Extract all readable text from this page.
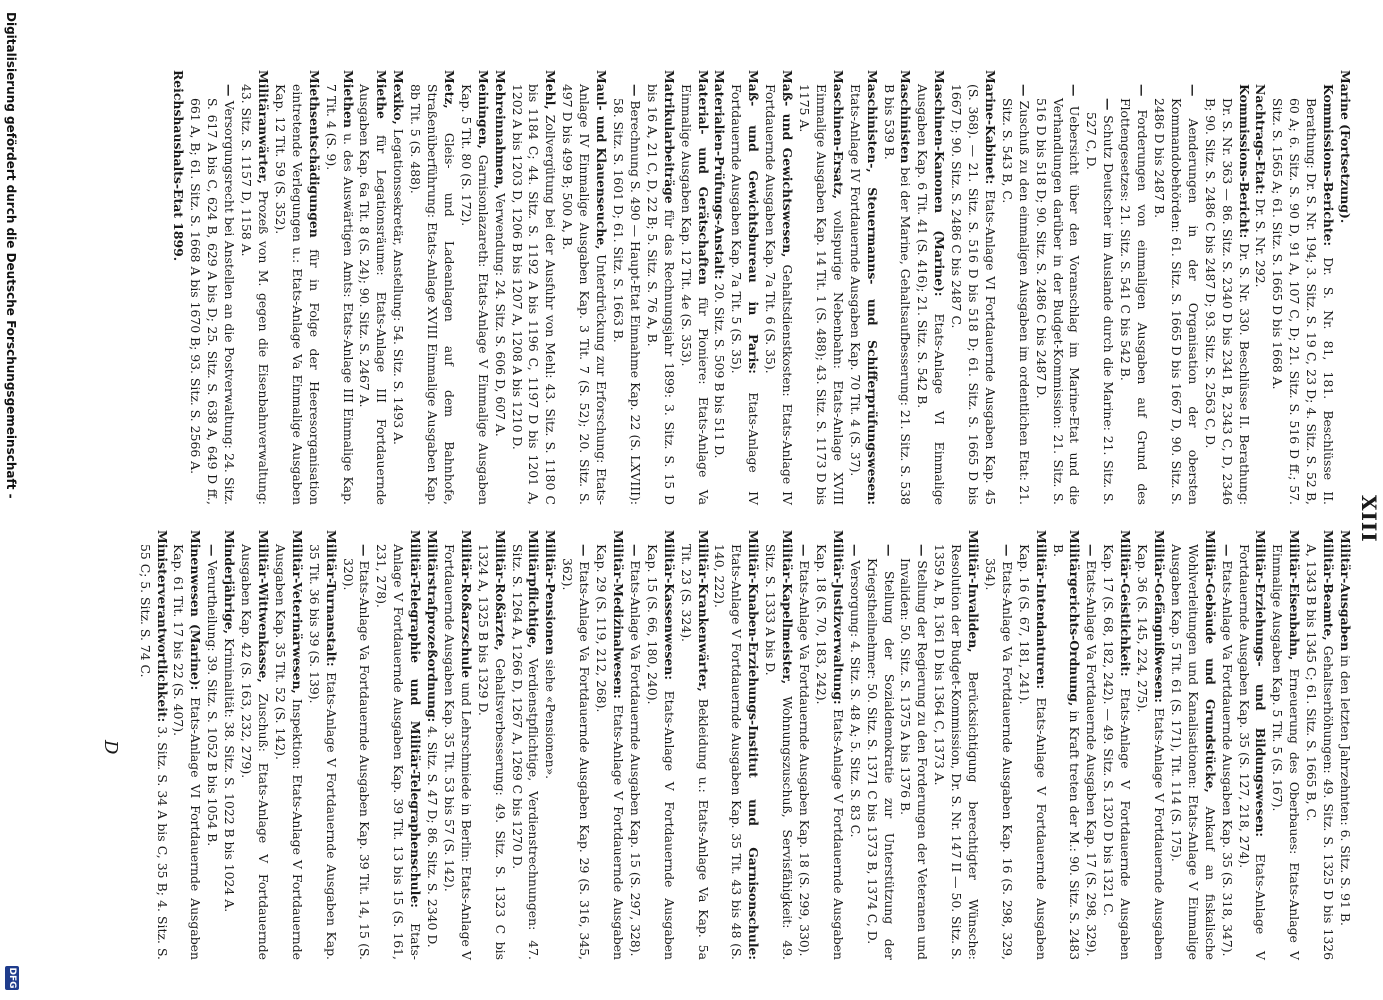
XIII

Marine (Fortsetzung).

Kommissions-Berichte: Dr. S. Nr. 81, 181. Beschlüsse II. Berathung: Dr. S. Nr. 194; 3. Sitz. S. 19 C, 23 D; 4. Sitz. S. 52 B, 60 A; 6. Sitz. S. 90 D, 91 A, 107 C, D; 21. Sitz. S. 516 D ff.; 57. Sitz. S. 1565 A; 61. Sitz. S. 1665 D bis 1668 A.

Nachtrags-Etat: Dr. S. Nr. 292.

Kommissions-Bericht: Dr. S. Nr. 330. Beschlüsse II. Berathung: Dr. S. Nr. 363 — 86. Sitz. S. 2340 D bis 2341 B, 2343 C, D, 2346 B; 90. Sitz. S. 2486 C bis 2487 D; 93. Sitz. S. 2563 C, D.

— Aenderungen in der Organisation der obersten Kommandobehörden: 61. Sitz. S. 1665 D bis 1667 D, 90. Sitz. S. 2486 D bis 2487 B.

— Forderungen von einmaligen Ausgaben auf Grund des Flottengesetzes: 21. Sitz. S. 541 C bis 542 B.

— Schutz Deutscher im Auslande durch die Marine: 21. Sitz. S. 527 C, D.

— Uebersicht über den Voranschlag im Marine-Etat und die Verhandlungen darüber in der Budget-Kommission: 21. Sitz. S. 516 D bis 518 D; 90. Sitz. S. 2486 C bis 2487 D.

— Zuschuß zu den einmaligen Ausgaben im ordentlichen Etat: 21. Sitz. S. 543 B, C.

Marine-Kabinet: Etats-Anlage VI Fortdauernde Ausgaben Kap. 45 (S. 368). — 21. Sitz. S. 516 D bis 518 D; 61. Sitz. S. 1665 D bis 1667 D; 90. Sitz. S. 2486 C bis 2487 C.

Maschinen-Kanonen (Marine): Etats-Anlage VI Einmalige Ausgaben Kap. 6 Tit. 41 (S. 416); 21. Sitz. S. 542 B.

Maschinisten bei der Marine, Gehaltsaufbesserung: 21. Sitz. S. 538 B bis 539 B.

Maschinisten-, Steuermanns- und Schifferprüfungswesen: Etats-Anlage IV Fortdauernde Ausgaben Kap. 70 Tit. 4 (S. 37).

Maschinen-Ersatz, vollspurige Nebenbahn: Etats-Anlage XVIII Einmalige Ausgaben Kap. 14 Tit. 1 (S. 488); 43. Sitz. S. 1173 D bis 1175 A.

Maß- und Gewichtswesen, Gehaltsdienstkosten: Etats-Anlage IV Fortdauernde Ausgaben Kap. 7a Tit. 6 (S. 35).

Maß- und Gewichtsbureau in Paris: Etats-Anlage IV Fortdauernde Ausgaben Kap. 7a Tit. 5 (S. 35).

Materialien-Prüfungs-Anstalt: 20. Sitz. S. 509 B bis 511 D.

Material- und Gerätschaften für Pioniere: Etats-Anlage Va Einmalige Ausgaben Kap. 12 Tit. 4e (S. 353).

Matrikularbeiträge für das Rechnungsjahr 1899: 3. Sitz. S. 15 D bis 16 A, 21 C, D, 22 B; 5. Sitz. S. 76 A, B.

— Berechnung S. 490 — Haupt-Etat Einnahme Kap. 22 (S. LXVIII): 58. Sitz. S. 1601 D; 61. Sitz. S. 1663 B.

Maul- und Klauenseuche, Unterdrückung zur Erforschung: Etats-Anlage IV Einmalige Ausgaben Kap. 3 Tit. 7 (S. 52); 20. Sitz. S. 497 D bis 499 B; 500 A, B.

Mehl, Zollvergütung bei der Ausfuhr von Mehl: 43. Sitz. S. 1180 C bis 1184 C; 44. Sitz. S. 1192 A bis 1196 C, 1197 D bis 1201 A, 1202 A bis 1203 D, 1206 B bis 1207 A, 1208 A bis 1210 D.

Mehreinnahmen, Verwendung: 24. Sitz. S. 606 D, 607 A.

Meiningen, Garnisonlazareth: Etats-Anlage V Einmalige Ausgaben Kap. 5 Tit. 80 (S. 172).

Metz, Gleis- und Ladeanlagen auf dem Bahnhofe, Straßenüberführung: Etats-Anlage XVIII Einmalige Ausgaben Kap. 8b Tit. 5 (S. 488).

Mexiko, Legationssekretär, Anstellung: 54. Sitz. S. 1493 A.

Miethe für Legationsräume: Etats-Anlage III Fortdauernde Ausgaben Kap. 6a Tit. 8 (S. 24); 90. Sitz. S. 2467 A.

Miethen u. des Auswärtigen Amts: Etats-Anlage III Einmalige Kap. 7 Tit. 4 (S. 9).

Miethsentschädigungen für in Folge der Heeresorganisation eintretende Verlegungen u.: Etats-Anlage Va Einmalige Ausgaben Kap. 12 Tit. 59 (S. 352).

Militäranwärter, Prozeß von M. gegen die Eisenbahnverwaltung: 43. Sitz. S. 1157 D, 1158 A.

— Versorgungsrecht bei Anstellen an die Postverwaltung: 24. Sitz. S. 617 A bis C, 624 B, 629 A bis D; 25. Sitz. S. 638 A, 649 D ff., 661 A, B; 61. Sitz. S. 1668 A bis 1670 B; 93. Sitz. S. 2566 A.

Reichshaushalts-Etat 1899.

Militär-Ausgaben in den letzten Jahrzehnten: 6. Sitz. S. 91 B.

Militär-Beamte, Gehaltserhöhungen: 49. Sitz. S. 1325 D bis 1326 A, 1343 B bis 1345 C; 61. Sitz. S. 1665 B, C.

Militär-Eisenbahn, Erneuerung des Oberbaues: Etats-Anlage V Einmalige Ausgaben Kap. 5 Tit. 5 (S. 167).

Militär-Erziehungs- und Bildungswesen: Etats-Anlage V Fortdauernde Ausgaben Kap. 35 (S. 127, 218, 274).

— Etats-Anlage Va Fortdauernde Ausgaben Kap. 35 (S. 318, 347).

Militär-Gebäude und Grundstücke, Ankauf an fiskalische Wohlverleitungen und Kanalisationen: Etats-Anlage V Einmalige Ausgaben Kap. 5 Tit. 61 (S. 171), Tit. 114 (S. 175).

Militär-Gefängnißwesen: Etats-Anlage V Fortdauernde Ausgaben Kap. 36 (S. 145, 224, 275).

Militär-Geistlichkeit: Etats-Anlage V Fortdauernde Ausgaben Kap. 17 (S. 68, 182, 242). — 49. Sitz. S. 1320 D bis 1321 C.

— Etats-Anlage Va Fortdauernde Ausgaben Kap. 17 (S. 298, 329).

Militärgerichts-Ordnung, in Kraft treten der M.: 90. Sitz. S. 2483 B.

Militär-Intendanturen: Etats-Anlage V Fortdauernde Ausgaben Kap. 16 (S. 67, 181, 241).

— Etats-Anlage Va Fortdauernde Ausgaben Kap. 16 (S. 298, 329, 354).

Militär-Invaliden, Berücksichtigung berechtigter Wünsche: Resolution der Budget-Kommission, Dr. S. Nr. 147 II — 50. Sitz. S. 1359 A, B, 1361 D bis 1364 C, 1373 A.

— Stellung der Regierung zu den Forderungen der Veteranen und Invaliden: 50. Sitz. S. 1375 A bis 1376 B.

— Stellung der Sozialdemokratie zur Unterstützung der Kriegstheilnehmer: 50. Sitz. S. 1371 C bis 1373 B, 1374 C, D.

— Versorgung: 4. Sitz. S. 48 A; 5. Sitz. S. 83 C.

Militär-Justizverwaltung: Etats-Anlage V Fortdauernde Ausgaben Kap. 18 (S. 70, 183, 242).

— Etats-Anlage Va Fortdauernde Ausgaben Kap. 18 (S. 299, 330).

Militär-Kapellmeister, Wohnungszuschuß, Servisfähigkeit: 49. Sitz. S. 1333 A bis D.

Militär-Knaben-Erziehungs-Institut und Garnisonschule: Etats-Anlage V Fortdauernde Ausgaben Kap. 35 Tit. 43 bis 48 (S. 140, 222).

Militär-Krankenwärter, Bekleidung u.: Etats-Anlage Va Kap. 5a Tit. 23 (S. 324).

Militär-Kassenwesen: Etats-Anlage V Fortdauernde Ausgaben Kap. 15 (S. 66, 180, 240).

— Etats-Anlage Va Fortdauernde Ausgaben Kap. 15 (S. 297, 328).

Militär-Medizinalwesen: Etats-Anlage V Fortdauernde Ausgaben Kap. 29 (S. 119, 212, 268).

— Etats-Anlage Va Fortdauernde Ausgaben Kap. 29 (S. 316, 345, 362).

Militär-Pensionen siehe «Pensionen».

Militärpflichtige, Verdienstpflichtige, Verdienstrechnungen: 47. Sitz. S. 1264 A, 1266 D, 1267 A, 1269 C bis 1270 D.

Militär-Roßärzte, Gehaltsverbesserung: 49. Sitz. S. 1323 C bis 1324 A, 1325 B bis 1329 D.

Militär-Roßarzschule und Lehrschmiede in Berlin: Etats-Anlage V Fortdauernde Ausgaben Kap. 35 Tit. 53 bis 57 (S. 142).

Militärstrafprozeßordnung: 4. Sitz. S. 47 D; 86. Sitz. S. 2340 D.

Militär-Telegraphie und Militär-Telegraphenschule: Etats-Anlage V Fortdauernde Ausgaben Kap. 39 Tit. 13 bis 15 (S. 161, 231, 278).

— Etats-Anlage Va Fortdauernde Ausgaben Kap. 39 Tit. 14, 15 (S. 320).

Militär-Turnanstalt: Etats-Anlage V Fortdauernde Ausgaben Kap. 35 Tit. 36 bis 39 (S. 139).

Militär-Veterinärwesen, Inspektion: Etats-Anlage V Fortdauernde Ausgaben Kap. 35 Tit. 52 (S. 142).

Militär-Wittwenkasse, Zuschuß: Etats-Anlage V Fortdauernde Ausgaben Kap. 42 (S. 163, 232, 279).

Minderjährige, Kriminalität: 38. Sitz. S. 1022 B bis 1024 A.

— Verurtheilung: 39. Sitz. S. 1052 B bis 1054 B.

Minenwesen (Marine): Etats-Anlage VI Fortdauernde Ausgaben Kap. 61 Tit. 17 bis 22 (S. 407).

Ministerverantwortlichkeit: 3. Sitz. S. 34 A bis C, 35 B; 4. Sitz. S. 55 C; 5. Sitz. S. 74 C.

D
Digitalisierung gefördert durch die Deutsche Forschungsgemeinschaft -
DFG
